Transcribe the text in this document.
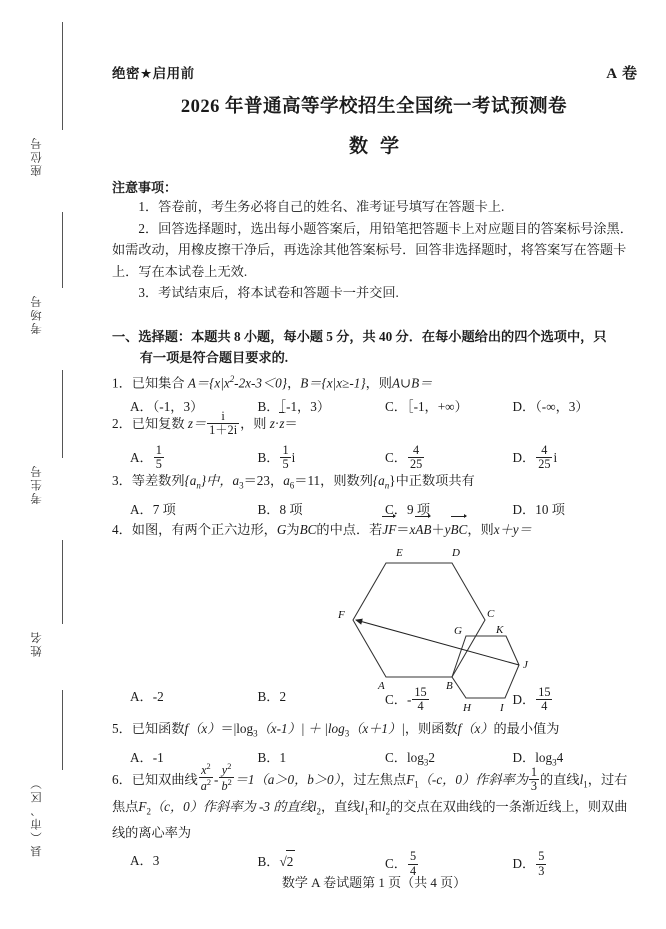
座位号
考场号
考生号
姓名
县（市、区）
绝密★启用前	A 卷
2026 年普通高等学校招生全国统一考试预测卷
数学
注意事项：

1．答卷前，考生务必将自己的姓名、准考证号填写在答题卡上.

2．回答选择题时，选出每小题答案后，用铅笔把答题卡上对应题目的答案标号涂黑．如需改动，用橡皮擦干净后，再选涂其他答案标号．回答非选择题时，将答案写在答题卡上．写在本试卷上无效.

3．考试结束后，将本试卷和答题卡一并交回.

一、选择题：本题共 8 小题，每小题 5 分，共 40 分．在每小题给出的四个选项中，只
有一项是符合题目要求的.
1．已知集合 $A=\{x|x^2-2x-3<0\}$，B＝{x|x≥-1}，则A∪B＝
A．（-1，3）	B．［-1，3）	C．［-1，+∞）	D．（-∞，3）
2．已知复数 $z= \frac{i}{1+2i}$ ，则 z·z＝
A． $\frac{1}{5}$	B． $\frac{1}{5}$ i	C． $\frac{4}{25}$	D． $\frac{4}{25}$ i
3．等差数列$\{a_n\}$中，$a_3=23$，$a_6=11$，则数列$\{a_n\}$中正数项共有
A．7 项	B．8 项	C．9 项	D．10 项
4．如图，有两个正六边形，G为BC的中点．若JF＝xAB＋yBC，则x＋y＝
E	D
C
F
G	K
J
A	B
H	I
A．-2	B．2	C．- $\frac{15}{4}$	D． $\frac{15}{4}$
5．已知函数$f(x)=|\log_3(x-1)| + |\log_3(x+1)|$，则函数f（x）的最小值为
A．-1	B．1	C．$\log_32$	D．$\log_34$
6．已知双曲线 $\frac{x^2}{a^2} - \frac{y^2}{b^2} =1(a>0$，b＞0），过左焦点$F_1(-c$，0）作斜率为 $\frac{1}{3}$ 的直线$l_1$，过右焦点$F_2(c$，0）作斜率为 -3 的直线$l_2$，直线$l_1$和$l_2$的交点在双曲线的一条渐近线上，则双曲线的离心率为
A．3	B．√2	C． $\frac{5}{4}$	D． $\frac{5}{3}$
数学 A 卷试题第 1 页（共 4 页）
